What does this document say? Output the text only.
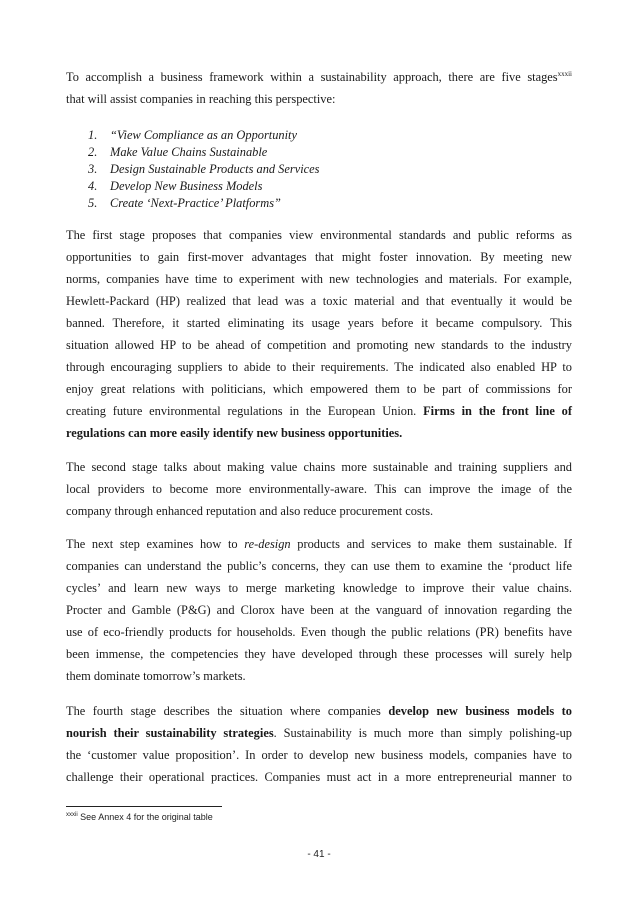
To accomplish a business framework within a sustainability approach, there are five stages$^{xxxii}$
that will assist companies in reaching this perspective:

1. “View Compliance as an Opportunity
2. Make Value Chains Sustainable
3. Design Sustainable Products and Services
4. Develop New Business Models
5. Create ‘Next-Practice’ Platforms”

The first stage proposes that companies view environmental standards and public reforms as
opportunities to gain first-mover advantages that might foster innovation. By meeting new
norms, companies have time to experiment with new technologies and materials. For example,
Hewlett-Packard (HP) realized that lead was a toxic material and that eventually it would be
banned. Therefore, it started eliminating its usage years before it became compulsory. This
situation allowed HP to be ahead of competition and promoting new standards to the industry
through encouraging suppliers to abide to their requirements. The indicated also enabled HP to
enjoy great relations with politicians, which empowered them to be part of commissions for
creating future environmental regulations in the European Union. Firms in the front line of
regulations can more easily identify new business opportunities.

The second stage talks about making value chains more sustainable and training suppliers and
local providers to become more environmentally-aware. This can improve the image of the
company through enhanced reputation and also reduce procurement costs.

The next step examines how to re-design products and services to make them sustainable. If
companies can understand the public’s concerns, they can use them to examine the ‘product life
cycles’ and learn new ways to merge marketing knowledge to improve their value chains.
Procter and Gamble (P&G) and Clorox have been at the vanguard of innovation regarding the
use of eco-friendly products for households. Even though the public relations (PR) benefits have
been immense, the competencies they have developed through these processes will surely help
them dominate tomorrow’s markets.

The fourth stage describes the situation where companies develop new business models to
nourish their sustainability strategies. Sustainability is much more than simply polishing-up
the ‘customer value proposition’. In order to develop new business models, companies have to
challenge their operational practices. Companies must act in a more entrepreneurial manner to

$^{xxxii}$ See Annex 4 for the original table
- 41 -
